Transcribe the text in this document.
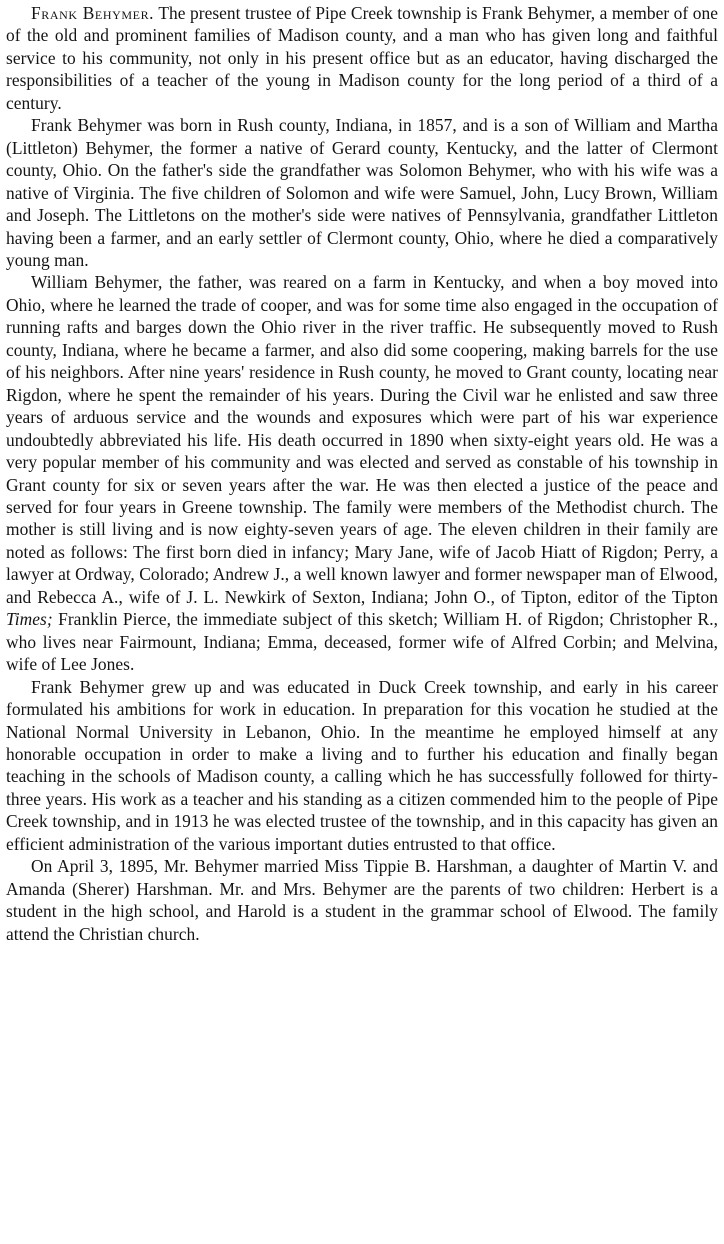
Frank Behymer. The present trustee of Pipe Creek township is Frank Behymer, a member of one of the old and prominent families of Madison county, and a man who has given long and faithful service to his community, not only in his present office but as an educator, having discharged the responsibilities of a teacher of the young in Madison county for the long period of a third of a century.

Frank Behymer was born in Rush county, Indiana, in 1857, and is a son of William and Martha (Littleton) Behymer, the former a native of Gerard county, Kentucky, and the latter of Clermont county, Ohio. On the father's side the grandfather was Solomon Behymer, who with his wife was a native of Virginia. The five children of Solomon and wife were Samuel, John, Lucy Brown, William and Joseph. The Littletons on the mother's side were natives of Pennsylvania, grandfather Littleton having been a farmer, and an early settler of Clermont county, Ohio, where he died a comparatively young man.

William Behymer, the father, was reared on a farm in Kentucky, and when a boy moved into Ohio, where he learned the trade of cooper, and was for some time also engaged in the occupation of running rafts and barges down the Ohio river in the river traffic. He subsequently moved to Rush county, Indiana, where he became a farmer, and also did some coopering, making barrels for the use of his neighbors. After nine years' residence in Rush county, he moved to Grant county, locating near Rigdon, where he spent the remainder of his years. During the Civil war he enlisted and saw three years of arduous service and the wounds and exposures which were part of his war experience undoubtedly abbreviated his life. His death occurred in 1890 when sixty-eight years old. He was a very popular member of his community and was elected and served as constable of his township in Grant county for six or seven years after the war. He was then elected a justice of the peace and served for four years in Greene township. The family were members of the Methodist church. The mother is still living and is now eighty-seven years of age. The eleven children in their family are noted as follows: The first born died in infancy; Mary Jane, wife of Jacob Hiatt of Rigdon; Perry, a lawyer at Ordway, Colorado; Andrew J., a well known lawyer and former newspaper man of Elwood, and Rebecca A., wife of J. L. Newkirk of Sexton, Indiana; John O., of Tipton, editor of the Tipton Times; Franklin Pierce, the immediate subject of this sketch; William H. of Rigdon; Christopher R., who lives near Fairmount, Indiana; Emma, deceased, former wife of Alfred Corbin; and Melvina, wife of Lee Jones.

Frank Behymer grew up and was educated in Duck Creek township, and early in his career formulated his ambitions for work in education. In preparation for this vocation he studied at the National Normal University in Lebanon, Ohio. In the meantime he employed himself at any honorable occupation in order to make a living and to further his education and finally began teaching in the schools of Madison county, a calling which he has successfully followed for thirty-three years. His work as a teacher and his standing as a citizen commended him to the people of Pipe Creek township, and in 1913 he was elected trustee of the township, and in this capacity has given an efficient administration of the various important duties entrusted to that office.

On April 3, 1895, Mr. Behymer married Miss Tippie B. Harshman, a daughter of Martin V. and Amanda (Sherer) Harshman. Mr. and Mrs. Behymer are the parents of two children: Herbert is a student in the high school, and Harold is a student in the grammar school of Elwood. The family attend the Christian church.
